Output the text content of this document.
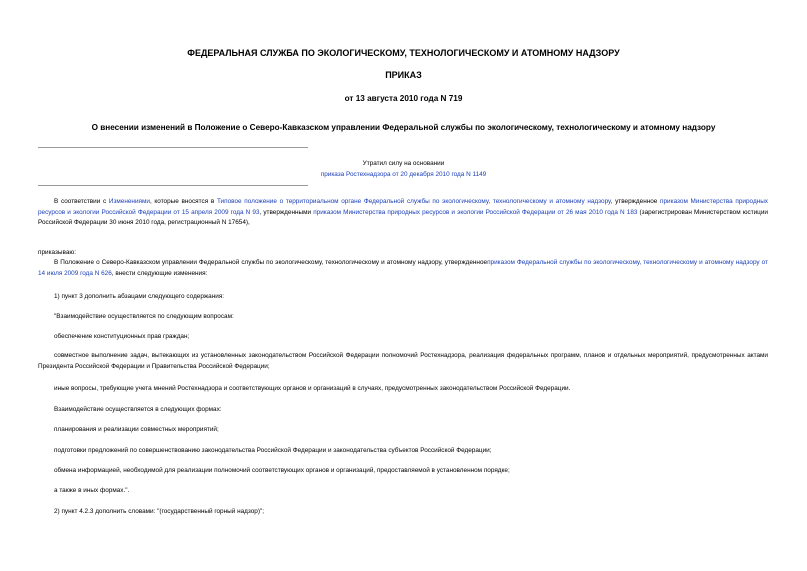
ФЕДЕРАЛЬНАЯ СЛУЖБА ПО ЭКОЛОГИЧЕСКОМУ, ТЕХНОЛОГИЧЕСКОМУ И АТОМНОМУ НАДЗОРУ
ПРИКАЗ
от 13 августа 2010 года N 719
О внесении изменений в Положение о Северо-Кавказском управлении Федеральной службы по экологическому, технологическому и атомному надзору
Утратил силу на основании
приказа Ростехнадзора от 20 декабря 2010 года N 1149
В соответствии с Изменениями, которые вносятся в Типовое положение о территориальном органе Федеральной службы по экологическому, технологическому и атомному надзору, утвержденное приказом Министерства природных ресурсов и экологии Российской Федерации от 15 апреля 2009 года N 93, утвержденными приказом Министерства природных ресурсов и экологии Российской Федерации от 26 мая 2010 года N 183 (зарегистрирован Министерством юстиции Российской Федерации 30 июня 2010 года, регистрационный N 17654),
приказываю:
В Положение о Северо-Кавказском управлении Федеральной службы по экологическому, технологическому и атомному надзору, утвержденноеприказом Федеральной службы по экологическому, технологическому и атомному надзору от 14 июля 2009 года N 626, внести следующие изменения:
1) пункт 3 дополнить абзацами следующего содержания:
"Взаимодействие осуществляется по следующим вопросам:
обеспечение конституционных прав граждан;
совместное выполнение задач, вытекающих из установленных законодательством Российской Федерации полномочий Ростехнадзора, реализация федеральных программ, планов и отдельных мероприятий, предусмотренных актами Президента Российской Федерации и Правительства Российской Федерации;
иные вопросы, требующие учета мнений Ростехнадзора и соответствующих органов и организаций в случаях, предусмотренных законодательством Российской Федерации.
Взаимодействие осуществляется в следующих формах:
планирования и реализации совместных мероприятий;
подготовки предложений по совершенствованию законодательства Российской Федерации и законодательства субъектов Российской Федерации;
обмена информацией, необходимой для реализации полномочий соответствующих органов и организаций, предоставляемой в установленном порядке;
а также в иных формах.".
2) пункт 4.2.3 дополнить словами: "(государственный горный надзор)";
